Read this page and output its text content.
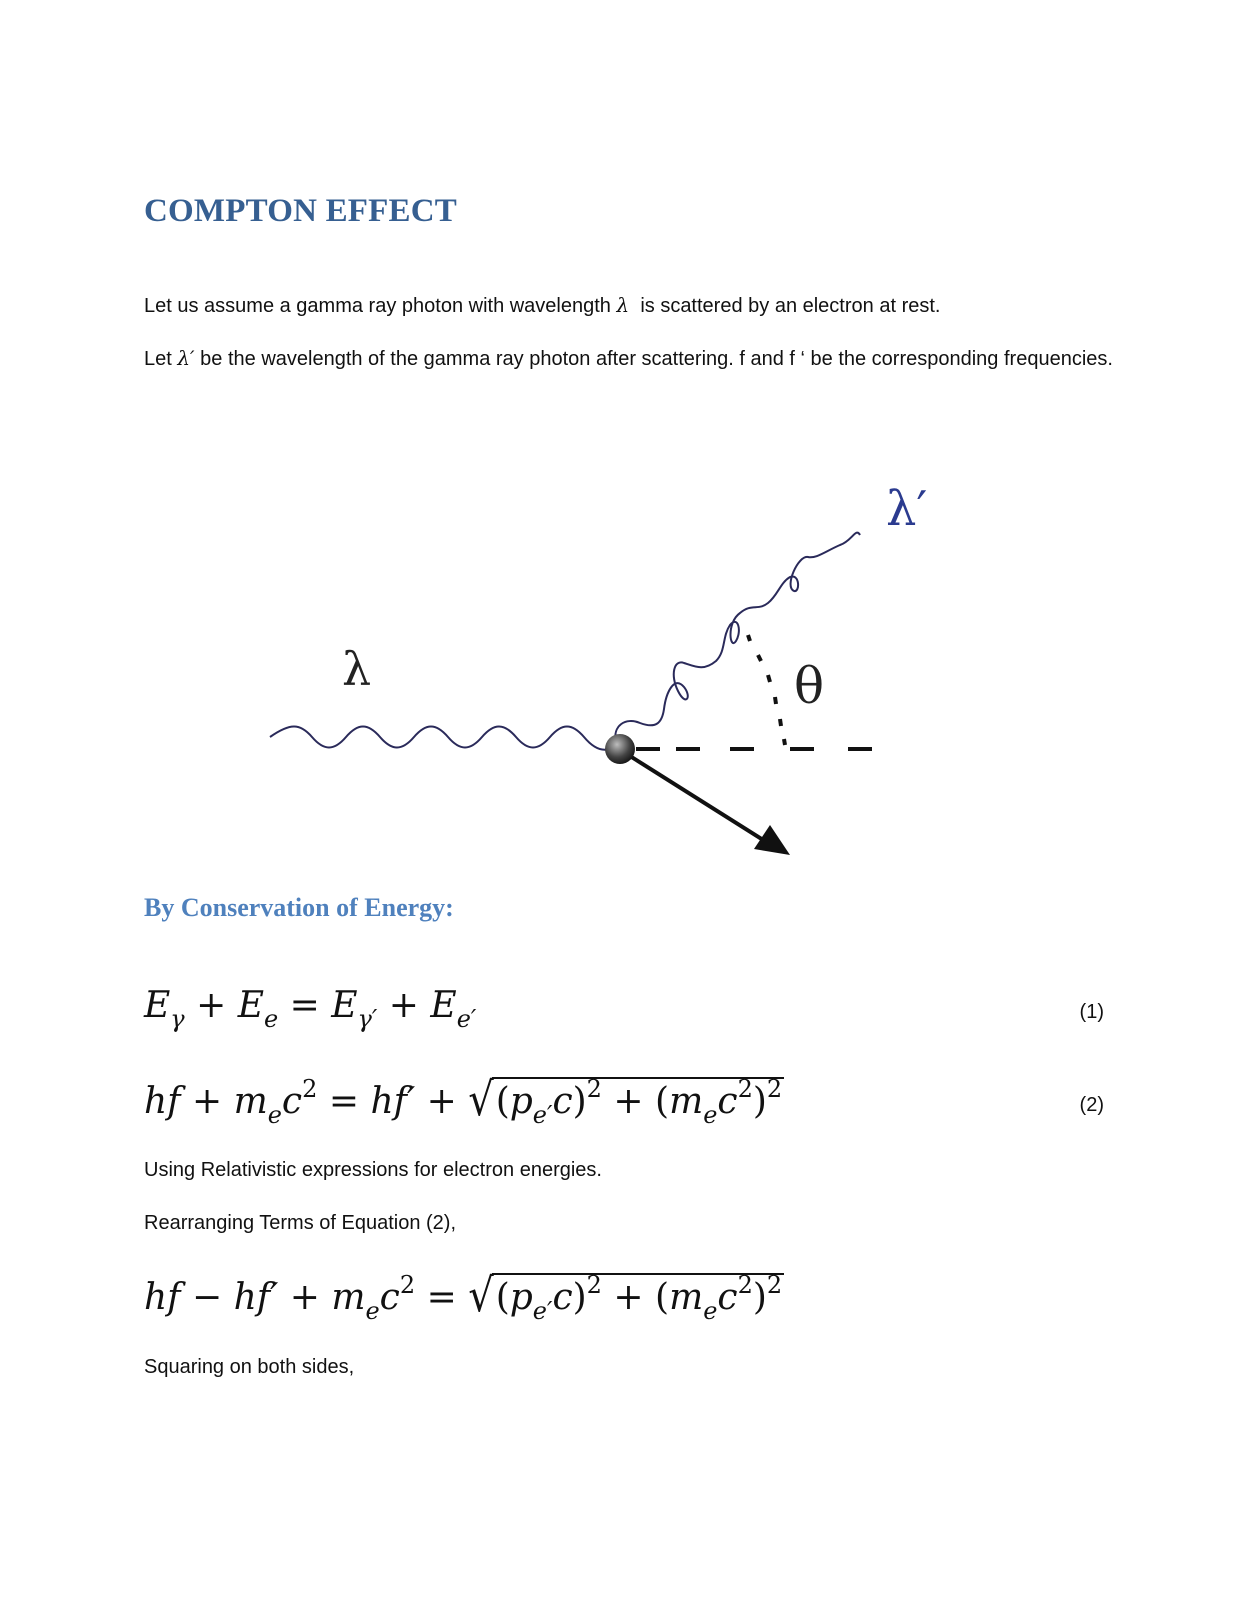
COMPTON EFFECT
Let us assume a gamma ray photon with wavelength λ is scattered by an electron at rest.
Let λ′ be the wavelength of the gamma ray photon after scattering. f and f ‘ be the corresponding frequencies.
λ
λ′
θ
By Conservation of Energy:
$E_\gamma + E_e = E_{\gamma'} + E_{e'}$	(1)
hf + $m_ec^2 = hf' + √(p_{e'}c)^2 + (m_ec^2)^2$
(2)
Using Relativistic expressions for electron energies.
Rearranging Terms of Equation (2),
hf − $hf' + m_ec^2 = √(p_{e'}c)^2 + (m_ec^2)^2$
Squaring on both sides,
